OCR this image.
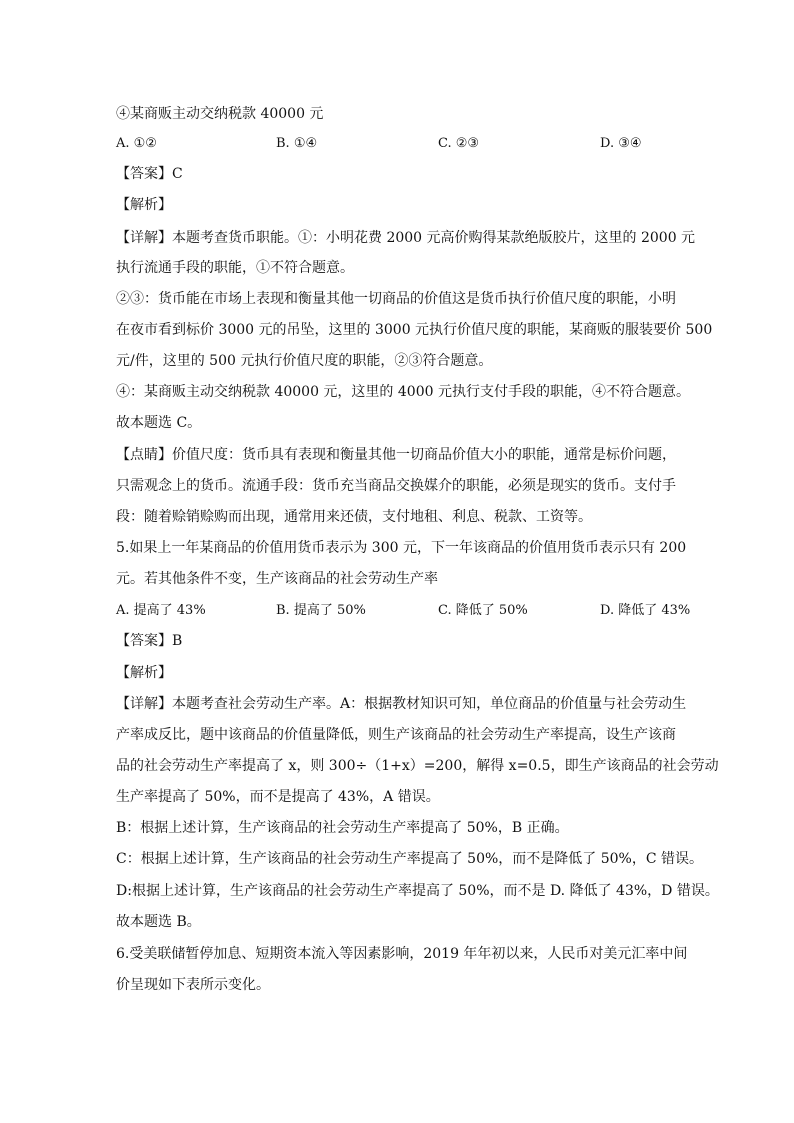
④某商贩主动交纳税款 40000 元
A. ①②	B. ①④	C. ②③	D. ③④
【答案】C
【解析】
【详解】本题考查货币职能。①：小明花费 2000 元高价购得某款绝版胶片，这里的 2000 元
执行流通手段的职能，①不符合题意。
②③：货币能在市场上表现和衡量其他一切商品的价值这是货币执行价值尺度的职能，小明
在夜市看到标价 3000 元的吊坠，这里的 3000 元执行价值尺度的职能，某商贩的服装要价 500
元/件，这里的 500 元执行价值尺度的职能，②③符合题意。
④：某商贩主动交纳税款 40000 元，这里的 4000 元执行支付手段的职能，④不符合题意。
故本题选 C。
【点睛】价值尺度：货币具有表现和衡量其他一切商品价值大小的职能，通常是标价问题，
只需观念上的货币。流通手段：货币充当商品交换媒介的职能，必须是现实的货币。支付手
段：随着赊销赊购而出现，通常用来还债，支付地租、利息、税款、工资等。
5.如果上一年某商品的价值用货币表示为 300 元，下一年该商品的价值用货币表示只有 200
元。若其他条件不变，生产该商品的社会劳动生产率
A. 提高了 43%	B. 提高了 50%	C. 降低了 50%	D. 降低了 43%
【答案】B
【解析】
【详解】本题考查社会劳动生产率。A：根据教材知识可知，单位商品的价值量与社会劳动生
产率成反比，题中该商品的价值量降低，则生产该商品的社会劳动生产率提高，设生产该商
品的社会劳动生产率提高了 x，则 300÷（1+x）=200，解得 x=0.5，即生产该商品的社会劳动
生产率提高了 50%，而不是提高了 43%，A 错误。
B：根据上述计算，生产该商品的社会劳动生产率提高了 50%，B 正确。
C：根据上述计算，生产该商品的社会劳动生产率提高了 50%，而不是降低了 50%，C 错误。
D:根据上述计算，生产该商品的社会劳动生产率提高了 50%，而不是 D. 降低了 43%，D 错误。
故本题选 B。
6.受美联储暂停加息、短期资本流入等因素影响，2019 年年初以来，人民币对美元汇率中间
价呈现如下表所示变化。
